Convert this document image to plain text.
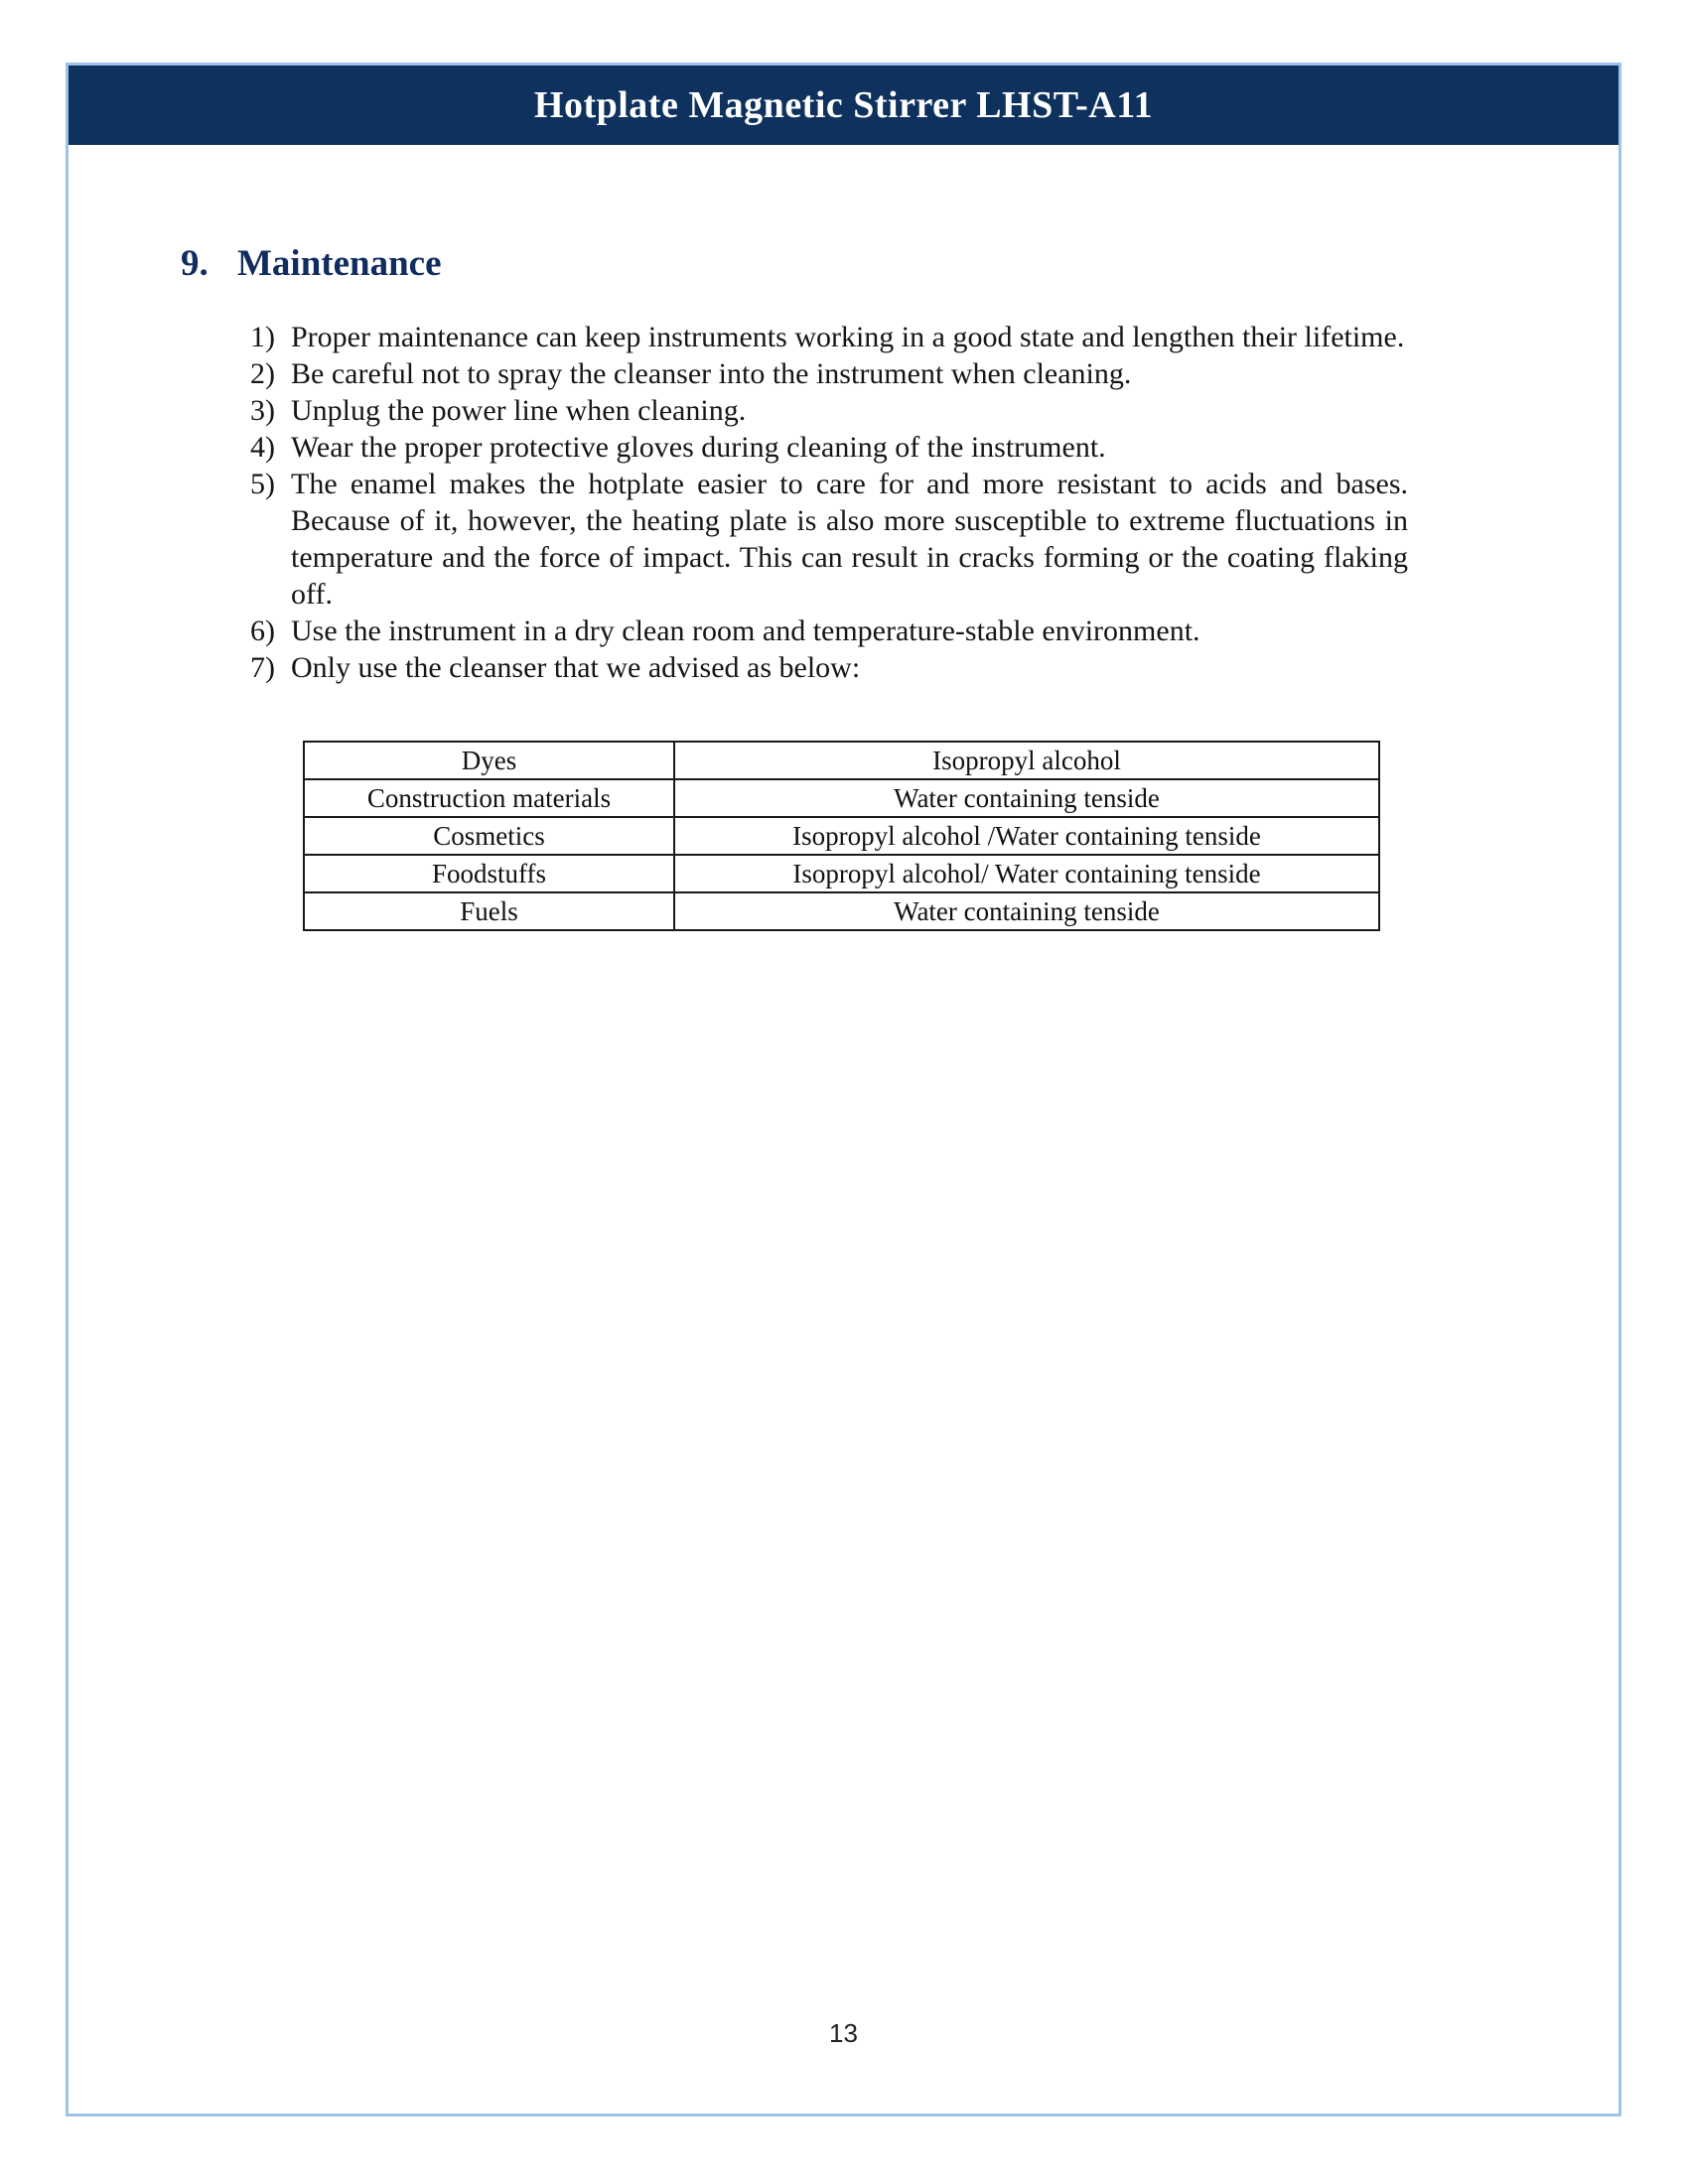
Hotplate Magnetic Stirrer LHST-A11
9. Maintenance
1) Proper maintenance can keep instruments working in a good state and lengthen their lifetime.
2) Be careful not to spray the cleanser into the instrument when cleaning.
3) Unplug the power line when cleaning.
4) Wear the proper protective gloves during cleaning of the instrument.
5) The enamel makes the hotplate easier to care for and more resistant to acids and bases. Because of it, however, the heating plate is also more susceptible to extreme fluctuations in temperature and the force of impact. This can result in cracks forming or the coating flaking off.
6) Use the instrument in a dry clean room and temperature-stable environment.
7) Only use the cleanser that we advised as below:
Dyes	Isopropyl alcohol
Construction materials	Water containing tenside
Cosmetics	Isopropyl alcohol /Water containing tenside
Foodstuffs	Isopropyl alcohol/ Water containing tenside
Fuels	Water containing tenside
13
